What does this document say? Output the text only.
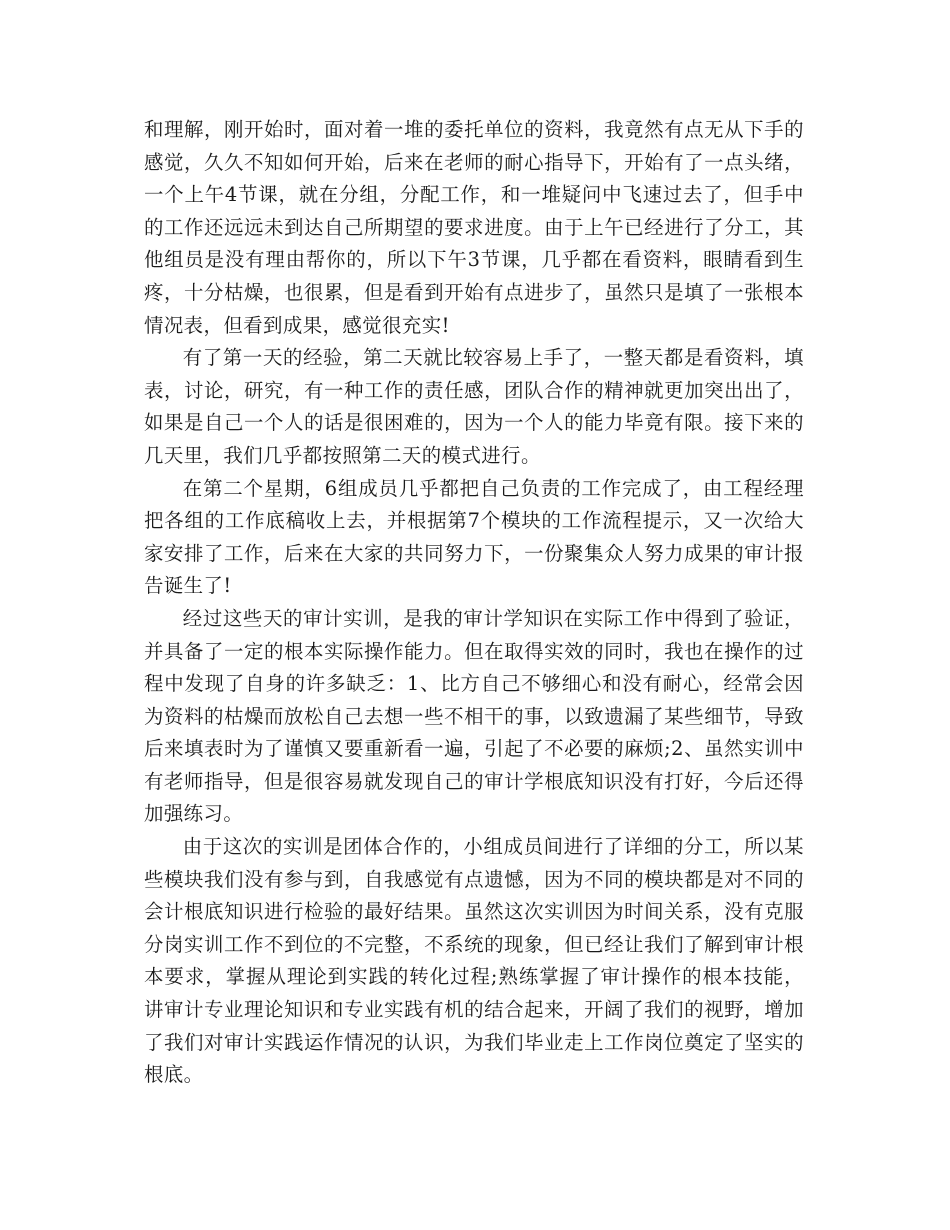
和理解，刚开始时，面对着一堆的委托单位的资料，我竟然有点无从下手的感觉，久久不知如何开始，后来在老师的耐心指导下，开始有了一点头绪，一个上午4节课，就在分组，分配工作，和一堆疑问中飞速过去了，但手中的工作还远远未到达自己所期望的要求进度。由于上午已经进行了分工，其他组员是没有理由帮你的，所以下午3节课，几乎都在看资料，眼睛看到生疼，十分枯燥，也很累，但是看到开始有点进步了，虽然只是填了一张根本情况表，但看到成果，感觉很充实!

有了第一天的经验，第二天就比较容易上手了，一整天都是看资料，填表，讨论，研究，有一种工作的责任感，团队合作的精神就更加突出出了，如果是自己一个人的话是很困难的，因为一个人的能力毕竟有限。接下来的几天里，我们几乎都按照第二天的模式进行。

在第二个星期，6组成员几乎都把自己负责的工作完成了，由工程经理把各组的工作底稿收上去，并根据第7个模块的工作流程提示，又一次给大家安排了工作，后来在大家的共同努力下，一份聚集众人努力成果的审计报告诞生了!

经过这些天的审计实训，是我的审计学知识在实际工作中得到了验证，并具备了一定的根本实际操作能力。但在取得实效的同时，我也在操作的过程中发现了自身的许多缺乏：1、比方自己不够细心和没有耐心，经常会因为资料的枯燥而放松自己去想一些不相干的事，以致遗漏了某些细节，导致后来填表时为了谨慎又要重新看一遍，引起了不必要的麻烦;2、虽然实训中有老师指导，但是很容易就发现自己的审计学根底知识没有打好，今后还得加强练习。

由于这次的实训是团体合作的，小组成员间进行了详细的分工，所以某些模块我们没有参与到，自我感觉有点遗憾，因为不同的模块都是对不同的会计根底知识进行检验的最好结果。虽然这次实训因为时间关系，没有克服分岗实训工作不到位的不完整，不系统的现象，但已经让我们了解到审计根本要求，掌握从理论到实践的转化过程;熟练掌握了审计操作的根本技能，讲审计专业理论知识和专业实践有机的结合起来，开阔了我们的视野，增加了我们对审计实践运作情况的认识，为我们毕业走上工作岗位奠定了坚实的根底。
